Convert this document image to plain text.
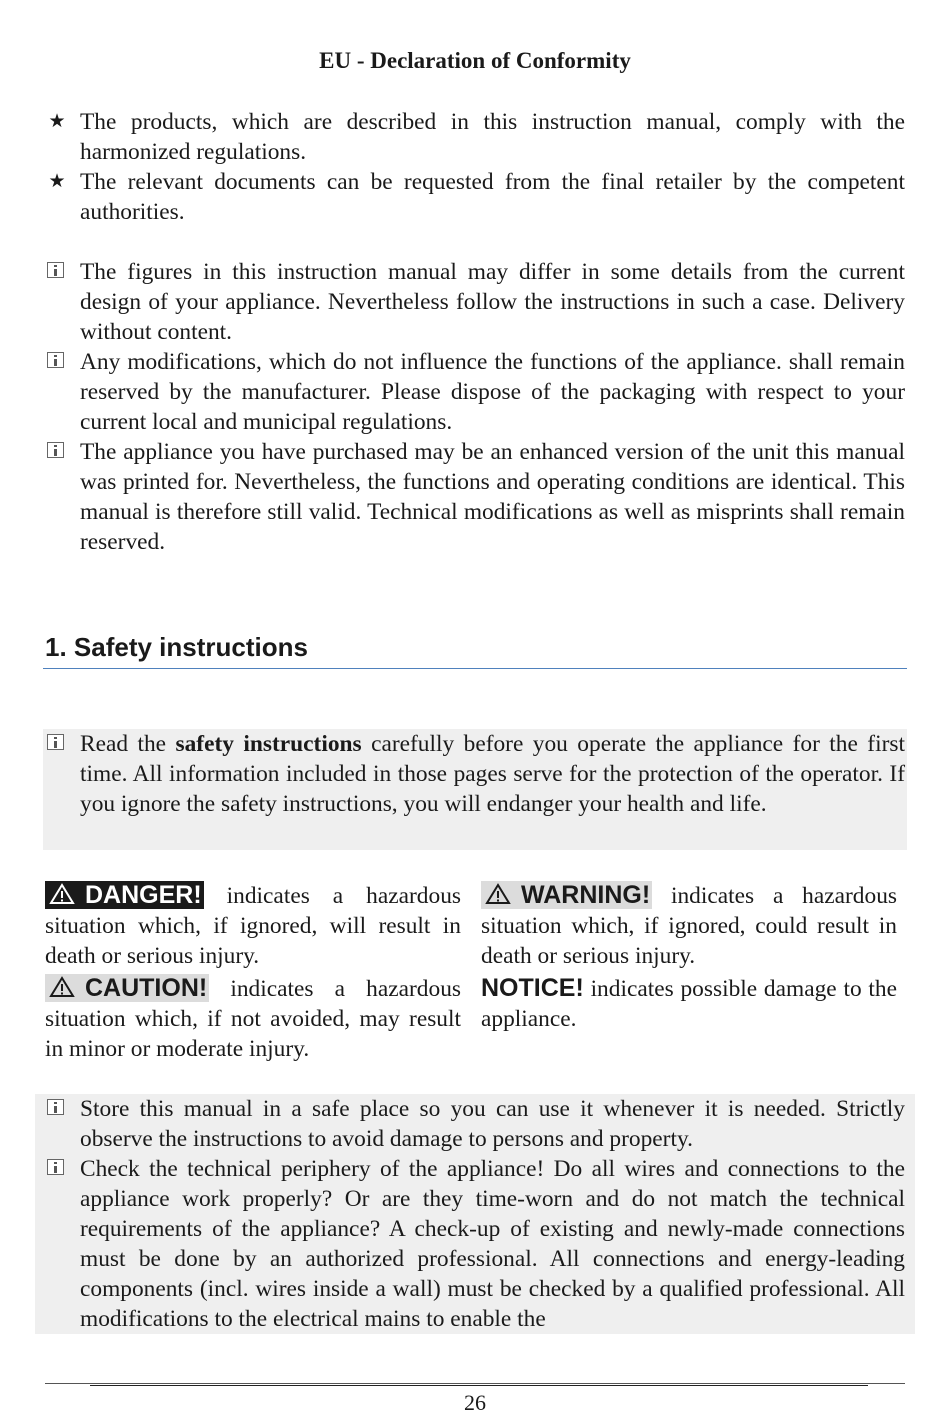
EU - Declaration of Conformity
★ The products, which are described in this instruction manual, comply with the harmonized regulations.

★ The relevant documents can be requested from the final retailer by the competent authorities.

The figures in this instruction manual may differ in some details from the current design of your appliance. Nevertheless follow the instructions in such a case. Delivery without content.

Any modifications, which do not influence the functions of the appliance. shall remain reserved by the manufacturer. Please dispose of the packaging with respect to your current local and municipal regulations.

The appliance you have purchased may be an enhanced version of the unit this manual was printed for. Nevertheless, the functions and operating conditions are identical. This manual is therefore still valid. Technical modifications as well as misprints shall remain reserved.

1. Safety instructions

Read the safety instructions carefully before you operate the appliance for the first time. All information included in those pages serve for the protection of the operator. If you ignore the safety instructions, you will endanger your health and life.

DANGER! indicates a hazardous situation which, if ignored, will result in death or serious injury.

CAUTION! indicates a hazardous situation which, if not avoided, may result in minor or moderate injury.

WARNING! indicates a hazardous situation which, if ignored, could result in death or serious injury.

NOTICE! indicates possible damage to the appliance.

Store this manual in a safe place so you can use it whenever it is needed. Strictly observe the instructions to avoid damage to persons and property.

Check the technical periphery of the appliance! Do all wires and connections to the appliance work properly? Or are they time-worn and do not match the technical requirements of the appliance? A check-up of existing and newly-made connections must be done by an authorized professional. All connections and energy-leading components (incl. wires inside a wall) must be checked by a qualified professional. All modifications to the electrical mains to enable the

26
